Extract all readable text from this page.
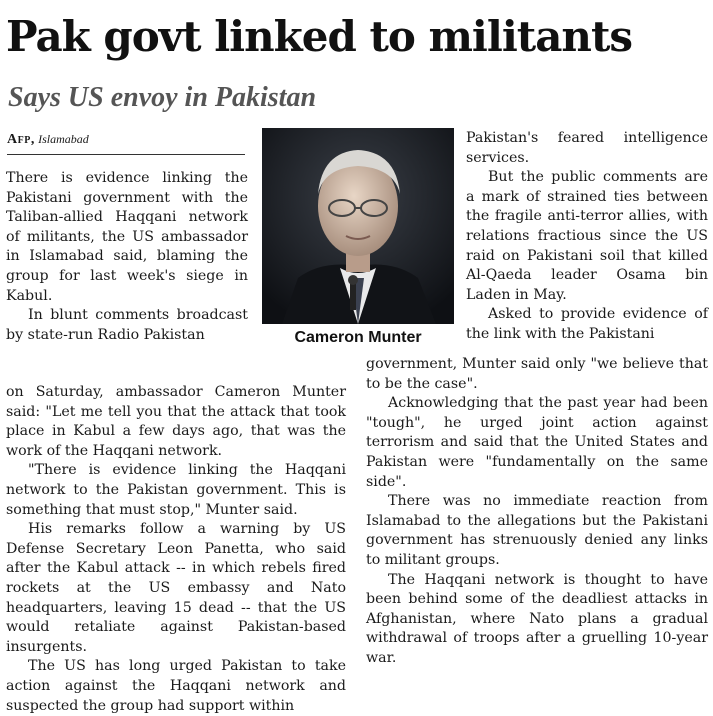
Pak govt linked to militants
Says US envoy in Pakistan
Afp, Islamabad
Cameron Munter

There is evidence linking the Pakistani government with the Taliban-allied Haqqani network of militants, the US ambassador in Islamabad said, blaming the group for last week's siege in Kabul.

In blunt comments broadcast by state-run Radio Pakistan

on Saturday, ambassador Cameron Munter said: "Let me tell you that the attack that took place in Kabul a few days ago, that was the work of the Haqqani network.

"There is evidence linking the Haqqani network to the Pakistan government. This is something that must stop," Munter said.

His remarks follow a warning by US Defense Secretary Leon Panetta, who said after the Kabul attack -- in which rebels fired rockets at the US embassy and Nato headquarters, leaving 15 dead -- that the US would retaliate against Pakistan-based insurgents.

The US has long urged Pakistan to take action against the Haqqani network and suspected the group had support within

Pakistan's feared intelligence services.

But the public comments are a mark of strained ties between the fragile anti-terror allies, with relations fractious since the US raid on Pakistani soil that killed Al-Qaeda leader Osama bin Laden in May.

Asked to provide evidence of the link with the Pakistani

government, Munter said only "we believe that to be the case".

Acknowledging that the past year had been "tough", he urged joint action against terrorism and said that the United States and Pakistan were "fundamentally on the same side".

There was no immediate reaction from Islamabad to the allegations but the Pakistani government has strenuously denied any links to militant groups.

The Haqqani network is thought to have been behind some of the deadliest attacks in Afghanistan, where Nato plans a gradual withdrawal of troops after a gruelling 10-year war.
